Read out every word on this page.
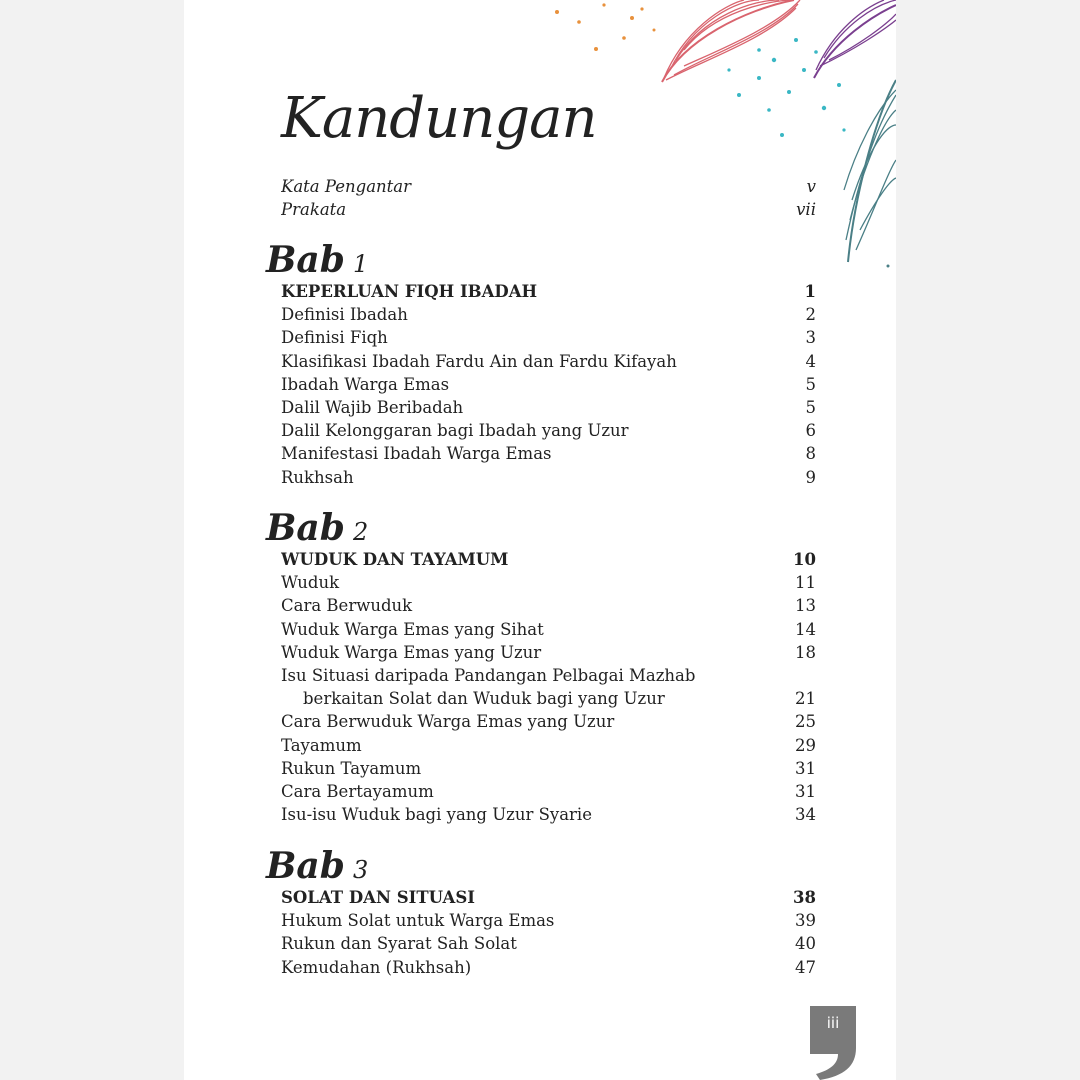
Kandungan
Kata Pengantar	v
Prakata	vii
Bab 1
KEPERLUAN FIQH IBADAH	1
Definisi Ibadah	2
Definisi Fiqh	3
Klasifikasi Ibadah Fardu Ain dan Fardu Kifayah	4
Ibadah Warga Emas	5
Dalil Wajib Beribadah	5
Dalil Kelonggaran bagi Ibadah yang Uzur	6
Manifestasi Ibadah Warga Emas	8
Rukhsah	9
Bab 2
WUDUK DAN TAYAMUM	10
Wuduk	11
Cara Berwuduk	13
Wuduk Warga Emas yang Sihat	14
Wuduk Warga Emas yang Uzur	18
Isu Situasi daripada Pandangan Pelbagai Mazhab
berkaitan Solat dan Wuduk bagi yang Uzur	21
Cara Berwuduk Warga Emas yang Uzur	25
Tayamum	29
Rukun Tayamum	31
Cara Bertayamum	31
Isu-isu Wuduk bagi yang Uzur Syarie	34
Bab 3
SOLAT DAN SITUASI	38
Hukum Solat untuk Warga Emas	39
Rukun dan Syarat Sah Solat	40
Kemudahan (Rukhsah)	47
iii
